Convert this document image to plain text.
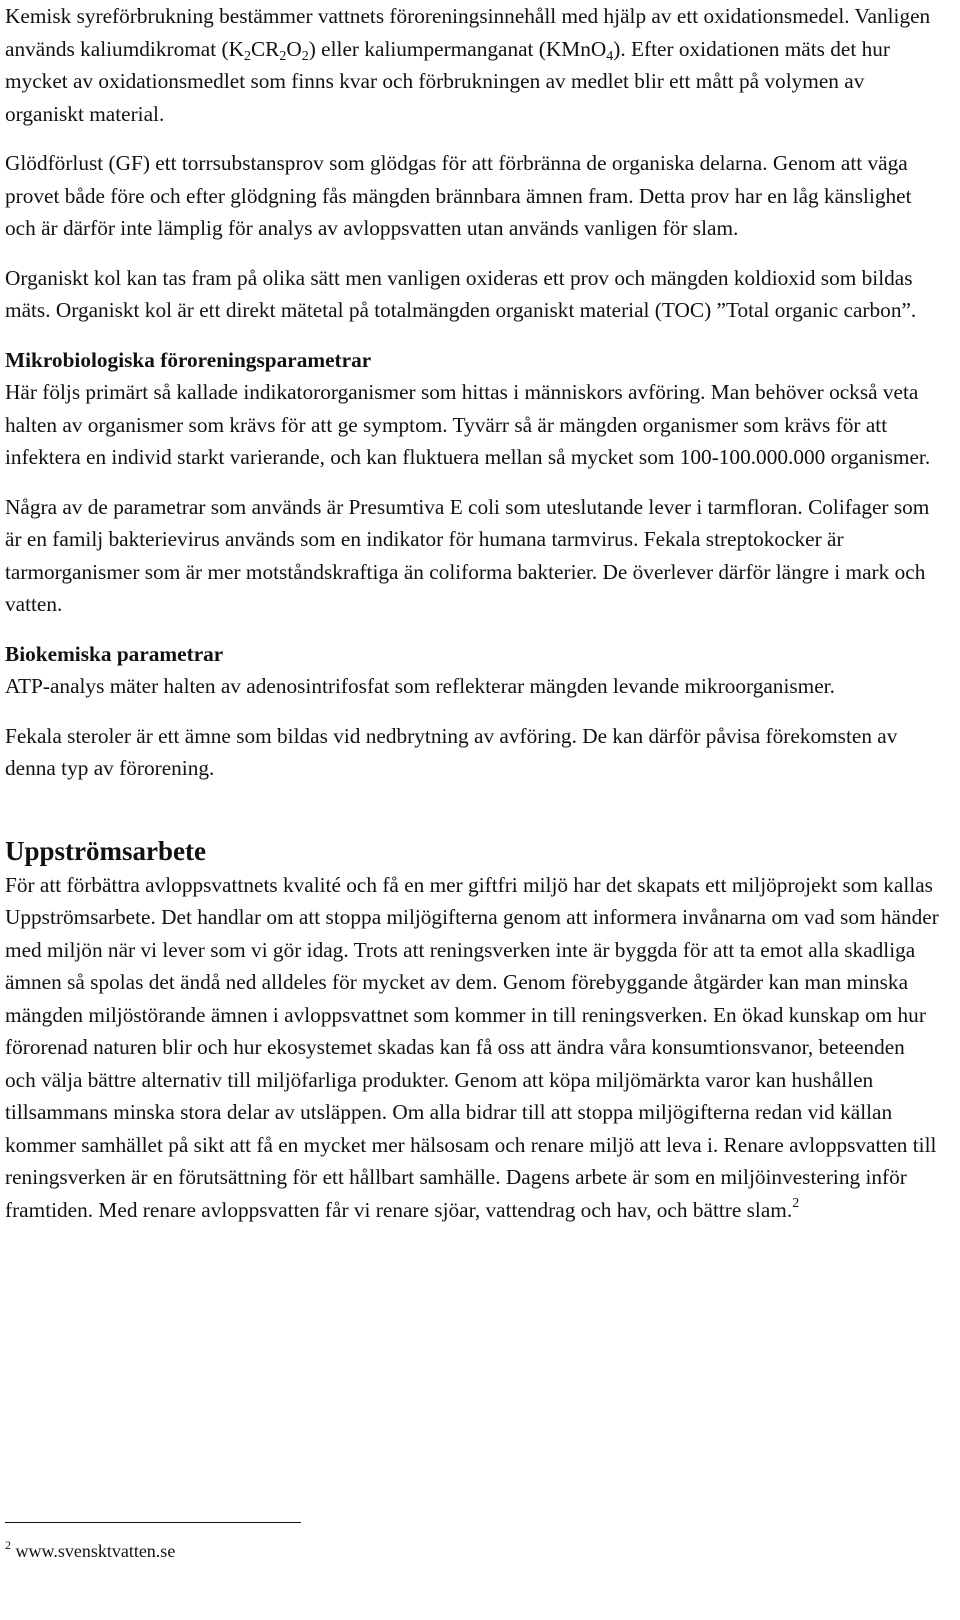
Kemisk syreförbrukning bestämmer vattnets föroreningsinnehåll med hjälp av ett oxidationsmedel. Vanligen används kaliumdikromat $(K_2CR_2O_2)$ eller kaliumpermanganat (KMnO$_4$). Efter oxidationen mäts det hur mycket av oxidationsmedlet som finns kvar och förbrukningen av medlet blir ett mått på volymen av organiskt material.

Glödförlust (GF) ett torrsubstansprov som glödgas för att förbränna de organiska delarna. Genom att väga provet både före och efter glödgning fås mängden brännbara ämnen fram. Detta prov har en låg känslighet och är därför inte lämplig för analys av avloppsvatten utan används vanligen för slam.

Organiskt kol kan tas fram på olika sätt men vanligen oxideras ett prov och mängden koldioxid som bildas mäts. Organiskt kol är ett direkt mätetal på totalmängden organiskt material (TOC) ”Total organic carbon”.

Mikrobiologiska föroreningsparametrar

Här följs primärt så kallade indikatororganismer som hittas i människors avföring. Man behöver också veta halten av organismer som krävs för att ge symptom. Tyvärr så är mängden organismer som krävs för att infektera en individ starkt varierande, och kan fluktuera mellan så mycket som 100-100.000.000 organismer.

Några av de parametrar som används är Presumtiva E coli som uteslutande lever i tarmfloran. Colifager som är en familj bakterievirus används som en indikator för humana tarmvirus. Fekala streptokocker är tarmorganismer som är mer motståndskraftiga än coliforma bakterier. De överlever därför längre i mark och vatten.

Biokemiska parametrar

ATP-analys mäter halten av adenosintrifosfat som reflekterar mängden levande mikroorganismer.

Fekala steroler är ett ämne som bildas vid nedbrytning av avföring. De kan därför påvisa förekomsten av denna typ av förorening.

Uppströmsarbete

För att förbättra avloppsvattnets kvalité och få en mer giftfri miljö har det skapats ett miljöprojekt som kallas Uppströmsarbete. Det handlar om att stoppa miljögifterna genom att informera invånarna om vad som händer med miljön när vi lever som vi gör idag. Trots att reningsverken inte är byggda för att ta emot alla skadliga ämnen så spolas det ändå ned alldeles för mycket av dem. Genom förebyggande åtgärder kan man minska mängden miljöstörande ämnen i avloppsvattnet som kommer in till reningsverken. En ökad kunskap om hur förorenad naturen blir och hur ekosystemet skadas kan få oss att ändra våra konsumtionsvanor, beteenden och välja bättre alternativ till miljöfarliga produkter. Genom att köpa miljömärkta varor kan hushållen tillsammans minska stora delar av utsläppen. Om alla bidrar till att stoppa miljögifterna redan vid källan kommer samhället på sikt att få en mycket mer hälsosam och renare miljö att leva i. Renare avloppsvatten till reningsverken är en förutsättning för ett hållbart samhälle. Dagens arbete är som en miljöinvestering inför framtiden. Med renare avloppsvatten får vi renare sjöar, vattendrag och hav, och bättre slam.$^2$

$^2$ www.svensktvatten.se
